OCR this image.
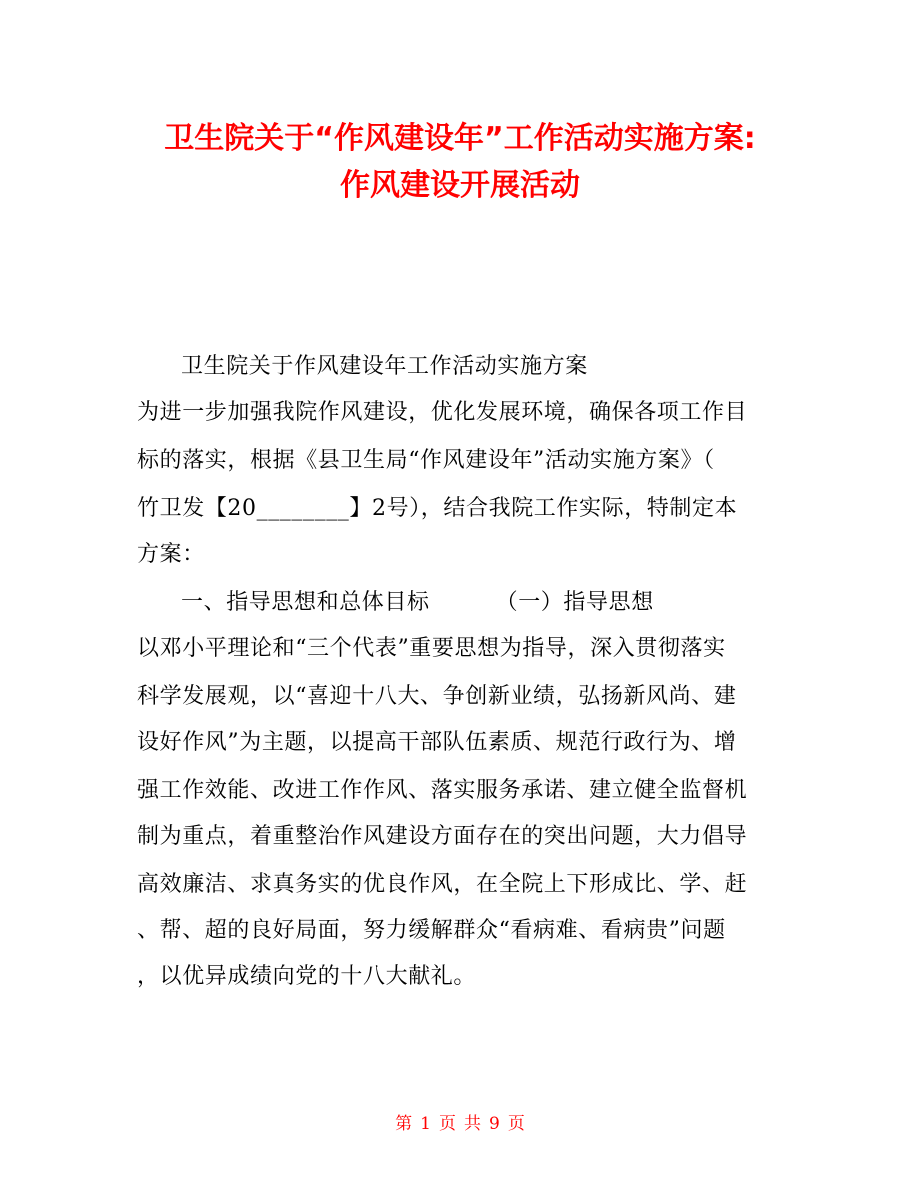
卫生院关于“作风建设年”工作活动实施方案:
作风建设开展活动
卫生院关于作风建设年工作活动实施方案
为进一步加强我院作风建设，优化发展环境，确保各项工作目
标的落实，根据《县卫生局“作风建设年”活动实施方案》（
竹卫发【20________】2号），结合我院工作实际，特制定本
方案：
一、指导思想和总体目标	（一）指导思想
以邓小平理论和“三个代表”重要思想为指导，深入贯彻落实
科学发展观，以“喜迎十八大、争创新业绩，弘扬新风尚、建
设好作风”为主题，以提高干部队伍素质、规范行政行为、增
强工作效能、改进工作作风、落实服务承诺、建立健全监督机
制为重点，着重整治作风建设方面存在的突出问题，大力倡导
高效廉洁、求真务实的优良作风，在全院上下形成比、学、赶
、帮、超的良好局面，努力缓解群众“看病难、看病贵”问题
，以优异成绩向党的十八大献礼。
第 1 页 共 9 页
